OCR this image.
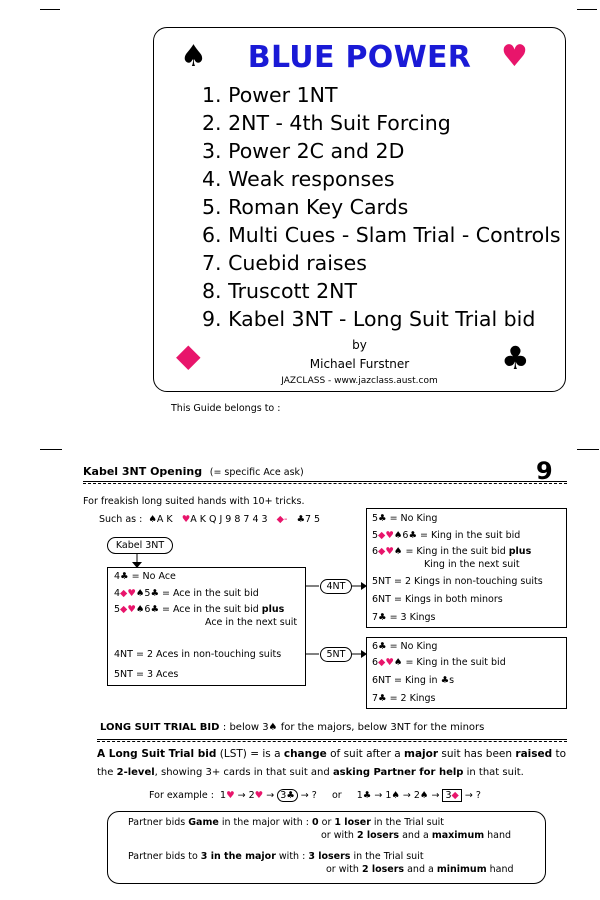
BLUE POWER
♠	♥
◆	♣
1. Power 1NT
2. 2NT - 4th Suit Forcing
3. Power 2C and 2D
4. Weak responses
5. Roman Key Cards
6. Multi Cues - Slam Trial - Controls
7. Cuebid raises
8. Truscott 2NT
9. Kabel 3NT - Long Suit Trial bid
by
Michael Furstner
JAZCLASS - www.jazclass.aust.com
This Guide belongs to :
Kabel 3NT Opening (= specific Ace ask)	9
For freakish long suited hands with 10+ tricks.
Such as : ♠A K ♥A K Q J 9 8 7 4 3 ◆- ♣7 5
Kabel 3NT
4♣ = No Ace
4◆♥♠5♣ = Ace in the suit bid
5◆♥♠6♣ = Ace in the suit bid plus
Ace in the next suit
4NT = 2 Aces in non-touching suits
5NT = 3 Aces
4NT
5NT
5♣ = No King
5◆♥♠6♣ = King in the suit bid
6◆♥♠ = King in the suit bid plus
King in the next suit
5NT = 2 Kings in non-touching suits
6NT = Kings in both minors
7♣ = 3 Kings
6♣ = No King
6◆♥♠ = King in the suit bid
6NT = King in ♣s
7♣ = 2 Kings
LONG SUIT TRIAL BID : below 3♠ for the majors, below 3NT for the minors
A Long Suit Trial bid (LST) = is a change of suit after a major suit has been raised to
the 2-level, showing 3+ cards in that suit and asking Partner for help in that suit.
For example : 1♥ → 2♥ → 3♣ → ? or 1♣ → 1♠ → 2♠ → 3◆ → ?
Partner bids Game in the major with : 0 or 1 loser in the Trial suit
or with 2 losers and a maximum hand
Partner bids to 3 in the major with : 3 losers in the Trial suit
or with 2 losers and a minimum hand
